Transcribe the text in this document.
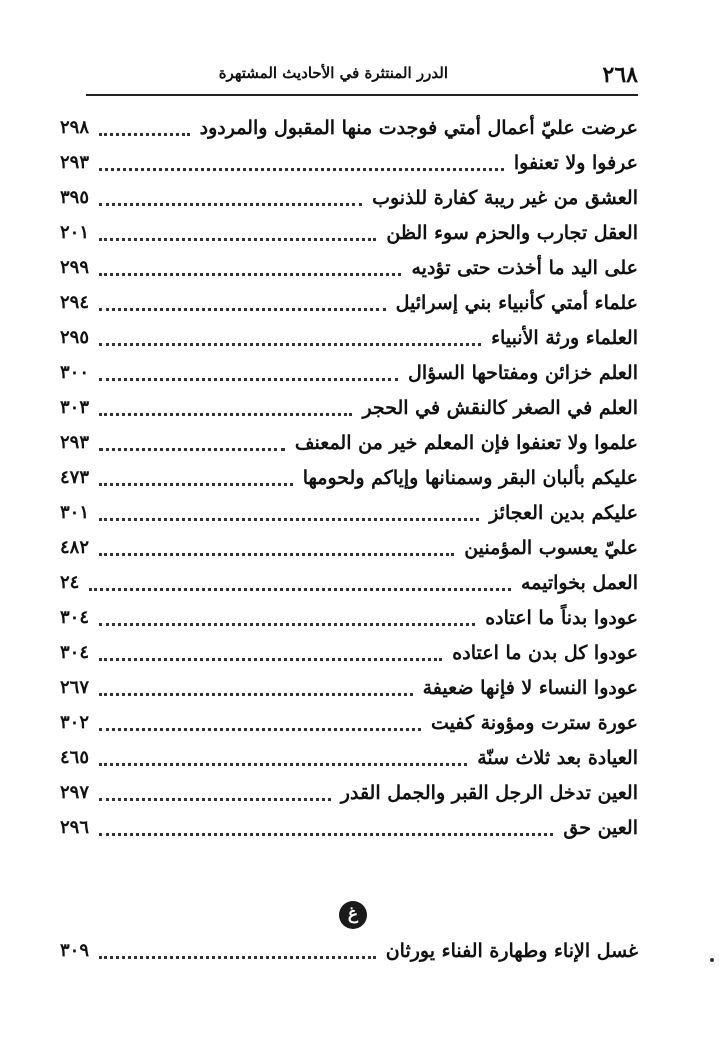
٢٦٨
الدرر المنتثرة في الأحاديث المشتهرة
عرضت عليّ أعمال أمتي فوجدت منها المقبول والمردود
٢٩٨
عرفوا ولا تعنفوا
٢٩٣
العشق من غير ريبة كفارة للذنوب
٣٩٥
العقل تجارب والحزم سوء الظن
٢٠١
على اليد ما أخذت حتى تؤديه
٢٩٩
علماء أمتي كأنبياء بني إسرائيل
٢٩٤
العلماء ورثة الأنبياء
٢٩٥
العلم خزائن ومفتاحها السؤال
٣٠٠
العلم في الصغر كالنقش في الحجر
٣٠٣
علموا ولا تعنفوا فإن المعلم خير من المعنف
٢٩٣
عليكم بألبان البقر وسمنانها وإياكم ولحومها
٤٧٣
عليكم بدين العجائز
٣٠١
عليّ يعسوب المؤمنين
٤٨٢
العمل بخواتيمه
٢٤
عودوا بدناً ما اعتاده
٣٠٤
عودوا كل بدن ما اعتاده
٣٠٤
عودوا النساء لا فإنها ضعيفة
٢٦٧
عورة سترت ومؤونة كفيت
٣٠٢
العيادة بعد ثلاث سنّة
٤٦٥
العين تدخل الرجل القبر والجمل القدر
٢٩٧
العين حق
٢٩٦
غ
غسل الإناء وطهارة الفناء يورثان
٣٠٩
